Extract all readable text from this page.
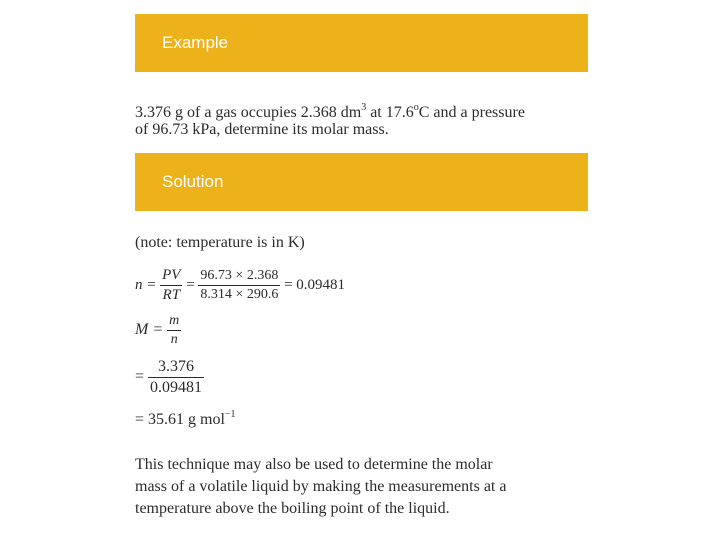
Example
3.376 g of a gas occupies 2.368 $dm^3$ at 17.6$^o$C and a pressure
of 96.73 kPa, determine its molar mass.
Solution
(note: temperature is in K)
$n = \frac{PV}{RT} = \frac{96.73 \times 2.368}{8.314 \times 290.6} = 0.09481$
$M = \frac{m}{n}$
= $\frac{3.376}{0.09481}$
= 35.61 g mol$^{-1}$
This technique may also be used to determine the molar
mass of a volatile liquid by making the measurements at a
temperature above the boiling point of the liquid.
